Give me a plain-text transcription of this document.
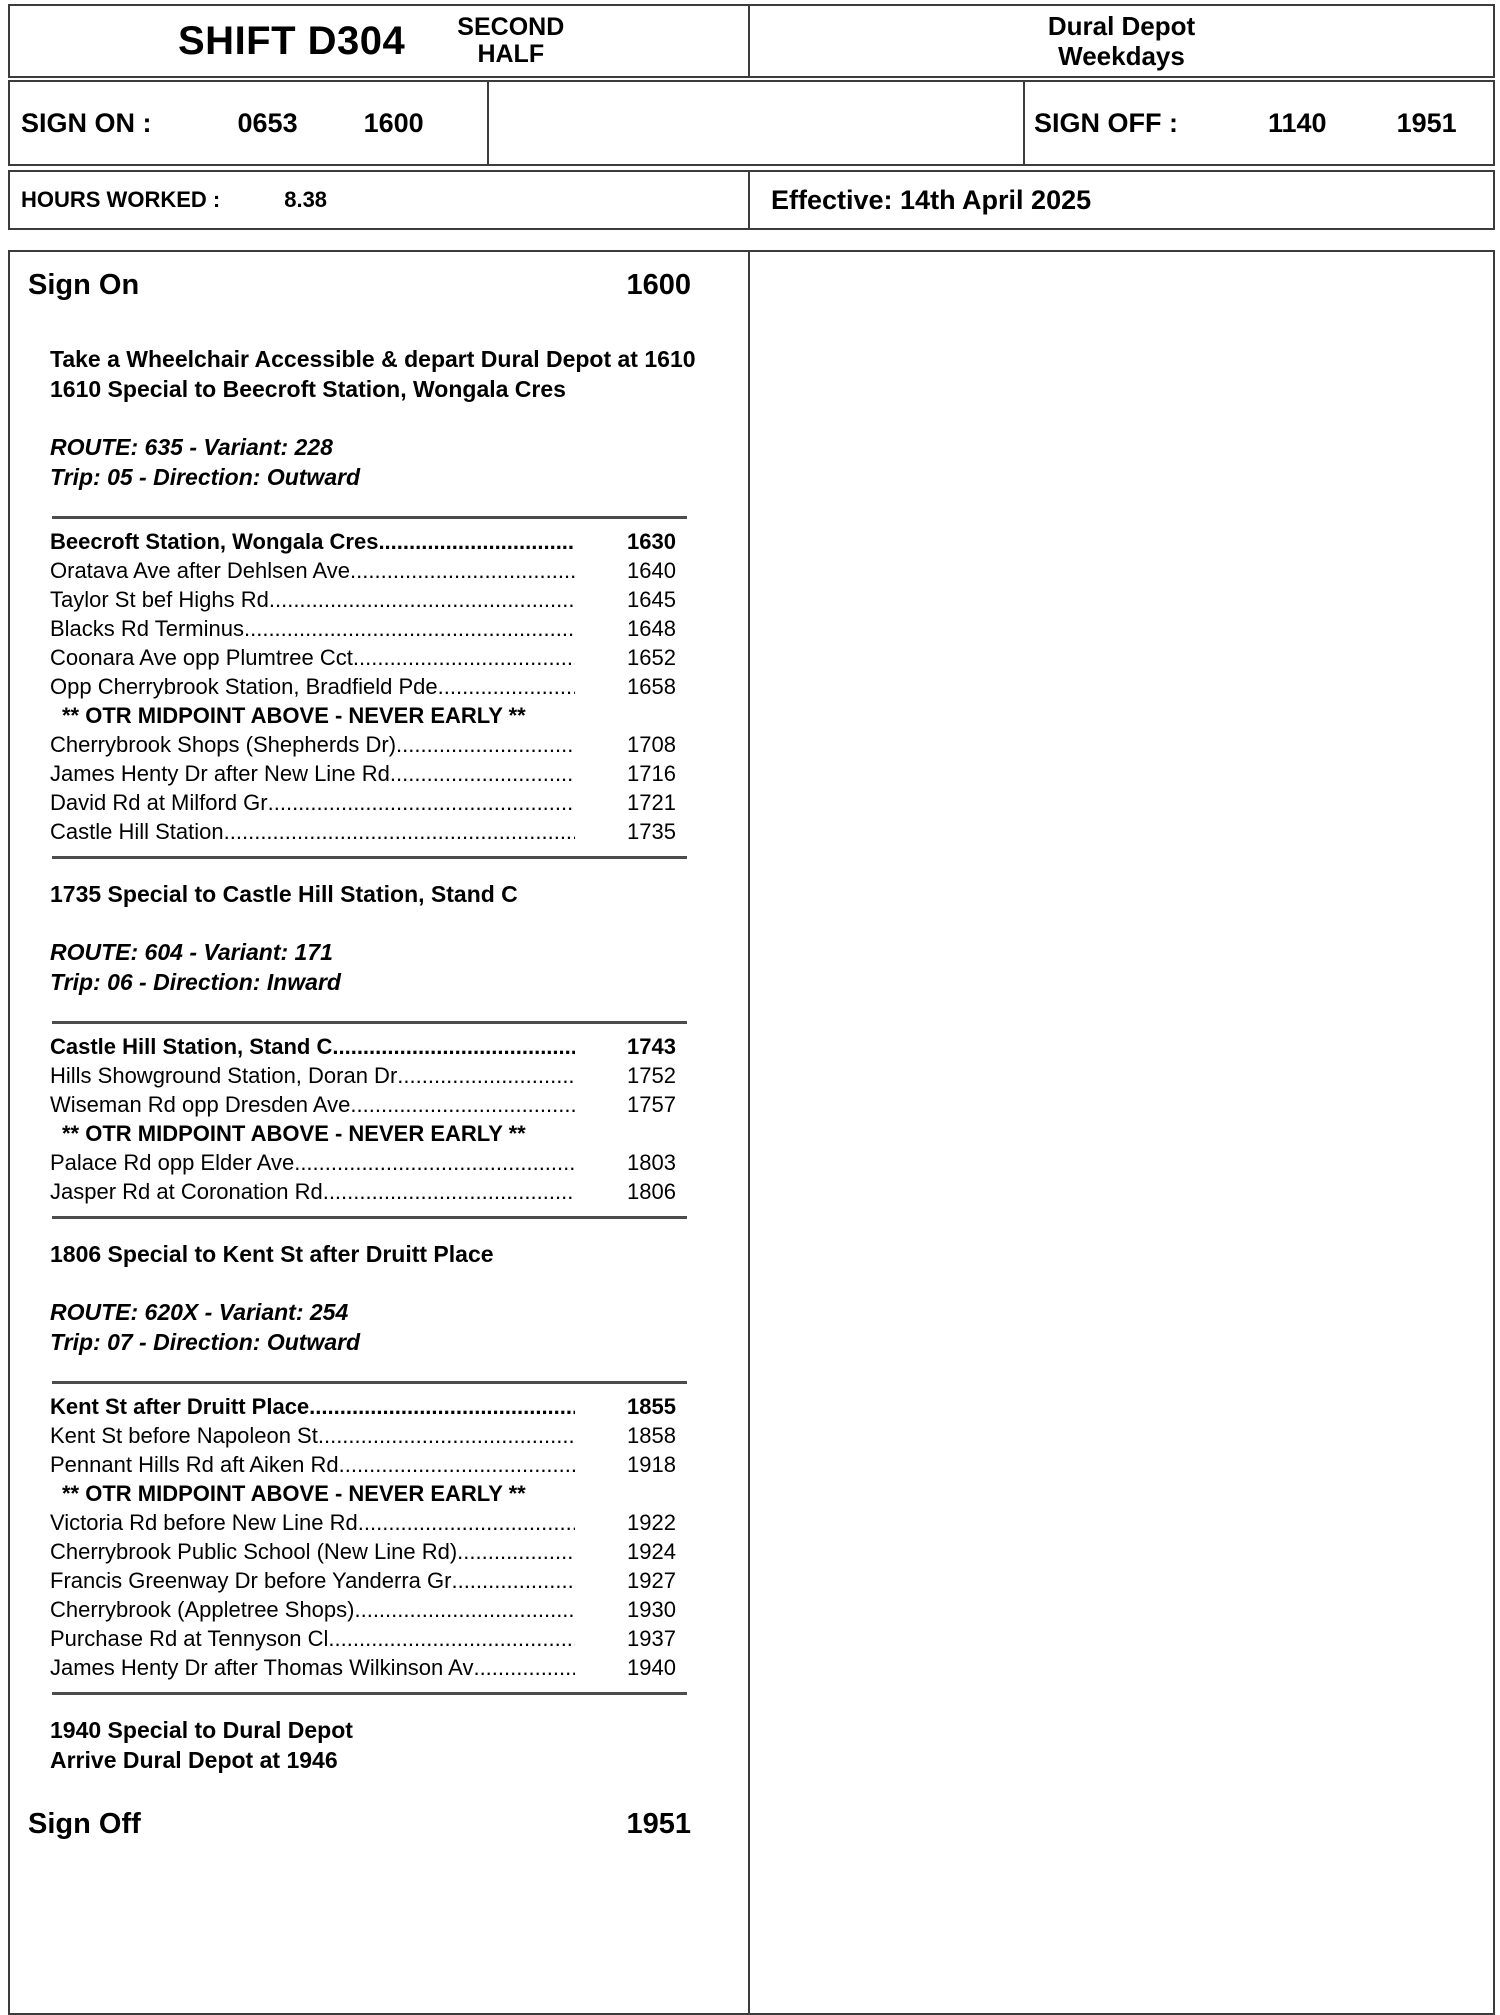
SHIFT D304 SECOND
HALF
Dural Depot
Weekdays
SIGN ON :	0653 1600	SIGN OFF :	1140	1951
HOURS WORKED :	8.38	Effective: 14th April 2025
Sign On	1600
Take a Wheelchair Accessible & depart Dural Depot at 1610
1610 Special to Beecroft Station, Wongala Cres
ROUTE: 635 - Variant: 228
Trip: 05 - Direction: Outward
Beecroft Station, Wongala Cres .....	1630
Oratava Ave after Dehlsen Ave .....	1640
Taylor St bef Highs Rd .....	1645
Blacks Rd Terminus .....	1648
Coonara Ave opp Plumtree Cct .....	1652
Opp Cherrybrook Station, Bradfield Pde .....	1658
** OTR MIDPOINT ABOVE - NEVER EARLY **
Cherrybrook Shops (Shepherds Dr) .....	1708
James Henty Dr after New Line Rd .....	1716
David Rd at Milford Gr .....	1721
Castle Hill Station .....	1735
1735 Special to Castle Hill Station, Stand C
ROUTE: 604 - Variant: 171
Trip: 06 - Direction: Inward
Castle Hill Station, Stand C .....	1743
Hills Showground Station, Doran Dr .....	1752
Wiseman Rd opp Dresden Ave .....	1757
** OTR MIDPOINT ABOVE - NEVER EARLY **
Palace Rd opp Elder Ave .....	1803
Jasper Rd at Coronation Rd .....	1806
1806 Special to Kent St after Druitt Place
ROUTE: 620X - Variant: 254
Trip: 07 - Direction: Outward
Kent St after Druitt Place .....	1855
Kent St before Napoleon St .....	1858
Pennant Hills Rd aft Aiken Rd .....	1918
** OTR MIDPOINT ABOVE - NEVER EARLY **
Victoria Rd before New Line Rd .....	1922
Cherrybrook Public School (New Line Rd) .....	1924
Francis Greenway Dr before Yanderra Gr .....	1927
Cherrybrook (Appletree Shops) .....	1930
Purchase Rd at Tennyson Cl .....	1937
James Henty Dr after Thomas Wilkinson Av .....	1940
1940 Special to Dural Depot
Arrive Dural Depot at 1946
Sign Off	1951
